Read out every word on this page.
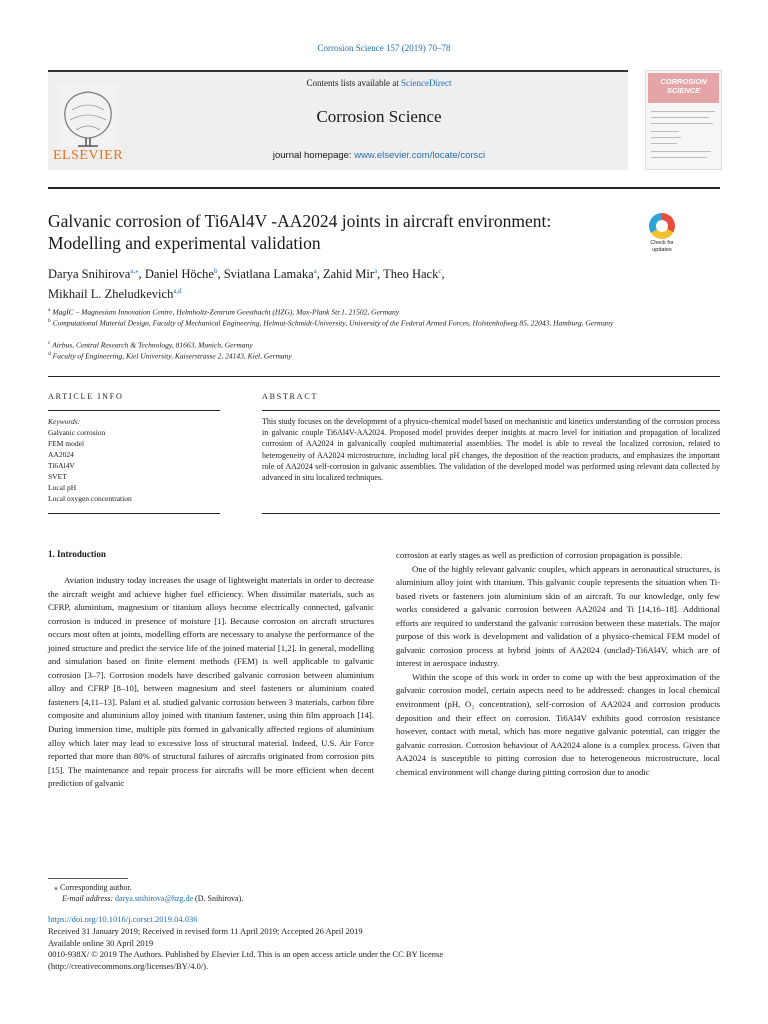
Corrosion Science 157 (2019) 70–78
ELSEVIER
Contents lists available at ScienceDirect
Corrosion Science
journal homepage: www.elsevier.com/locate/corsci
CORROSION SCIENCE
Galvanic corrosion of Ti6Al4V -AA2024 joints in aircraft environment: Modelling and experimental validation	Check for updates
Darya Snihirova$^{a,⁎}$, Daniel Höche$^b$, Sviatlana Lamaka$^a$, Zahid Mir$^a$, Theo Hack$^c$,
Mikhail L. Zheludkevich$^{a,d}$
$^a$ MagIC – Magnesium Innovation Centre, Helmholtz-Zentrum Geesthacht (HZG), Max-Plank Str.1, 21502, Germany
$^b$ Computational Material Design, Faculty of Mechanical Engineering, Helmut-Schmidt-University, University of the Federal Armed Forces, Holstenhofweg 85, 22043, Hamburg, Germany
$^c$ Airbus, Central Research & Technology, 81663, Munich, Germany
$^d$ Faculty of Engineering, Kiel University, Kaiserstrasse 2, 24143, Kiel, Germany
ARTICLE INFO
Keywords:
Galvanic corrosion
FEM model
AA2024
Ti6Al4V
SVET
Local pH
Local oxygen concentration
ABSTRACT
This study focuses on the development of a physico-chemical model based on mechanistic and kinetics understanding of the corrosion process in galvanic couple Ti6Al4V-AA2024. Proposed model provides deeper insights at macro level for initiation and propagation of localized corrosion of AA2024 in galvanically coupled multimaterial assemblies. The model is able to reveal the localized corrosion, related to heterogeneity of AA2024 microstructure, including local pH changes, the deposition of the reaction products, and emphasizes the important role of AA2024 self-corrosion in galvanic assemblies. The validation of the developed model was performed using relevant data collected by advanced in situ localized techniques.
1. Introduction

Aviation industry today increases the usage of lightweight materials in order to decrease the aircraft weight and achieve higher fuel efficiency. When dissimilar materials, such as CFRP, aluminium, magnesium or titanium alloys become electrically connected, galvanic corrosion is induced in presence of moisture [1]. Because corrosion on aircraft structures occurs most often at joints, modelling efforts are necessary to analyse the performance of the joined structure and predict the service life of the joined material [1,2]. In general, modelling and simulation based on finite element methods (FEM) is well applicable to galvanic corrosion [3–7]. Corrosion models have described galvanic corrosion between aluminium alloy and CFRP [8–10], between magnesium and steel fasteners or aluminium coated fasteners [4,11–13]. Palani et al. studied galvanic corrosion between 3 materials, carbon fibre composite and aluminium alloy joined with titanium fastener, using thin film approach [14]. During immersion time, multiple pits formed in galvanically affected regions of aluminium alloy which later may lead to excessive loss of structural material. Indeed, U.S. Air Force reported that more than 80% of structural failures of aircrafts originated from corrosion pits [15]. The maintenance and repair process for aircrafts will be more efficient when decent prediction of galvanic

corrosion at early stages as well as prediction of corrosion propagation is possible.

One of the highly relevant galvanic couples, which appears in aeronautical structures, is aluminium alloy joint with titanium. This galvanic couple represents the situation when Ti-based rivets or fasteners join aluminium skin of an aircraft. To our knowledge, only few works considered a galvanic corrosion between AA2024 and Ti [14,16–18]. Additional efforts are required to understand the galvanic corrosion between these materials. The major purpose of this work is development and validation of a physico-chemical FEM model of galvanic corrosion process at hybrid joints of AA2024 (unclad)-Ti6Al4V, which are of interest in aerospace industry.

Within the scope of this work in order to come up with the best approximation of the galvanic corrosion model, certain aspects need to be addressed: changes in local chemical environment (pH, O₂ concentration), self-corrosion of AA2024 and corrosion products deposition and their effect on corrosion. Ti6Al4V exhibits good corrosion resistance however, contact with metal, which has more negative galvanic potential, can trigger the galvanic corrosion. Corrosion behaviour of AA2024 alone is a complex process. Given that AA2024 is susceptible to pitting corrosion due to heterogeneous microstructure, local chemical environment will change during pitting corrosion due to anodic

⁎ Corresponding author.
E-mail address: darya.snihirova@hzg.de (D. Snihirova).
https://doi.org/10.1016/j.corsci.2019.04.036
Received 31 January 2019; Received in revised form 11 April 2019; Accepted 26 April 2019
Available online 30 April 2019
0010-938X/ © 2019 The Authors. Published by Elsevier Ltd. This is an open access article under the CC BY license
(http://creativecommons.org/licenses/BY/4.0/).
